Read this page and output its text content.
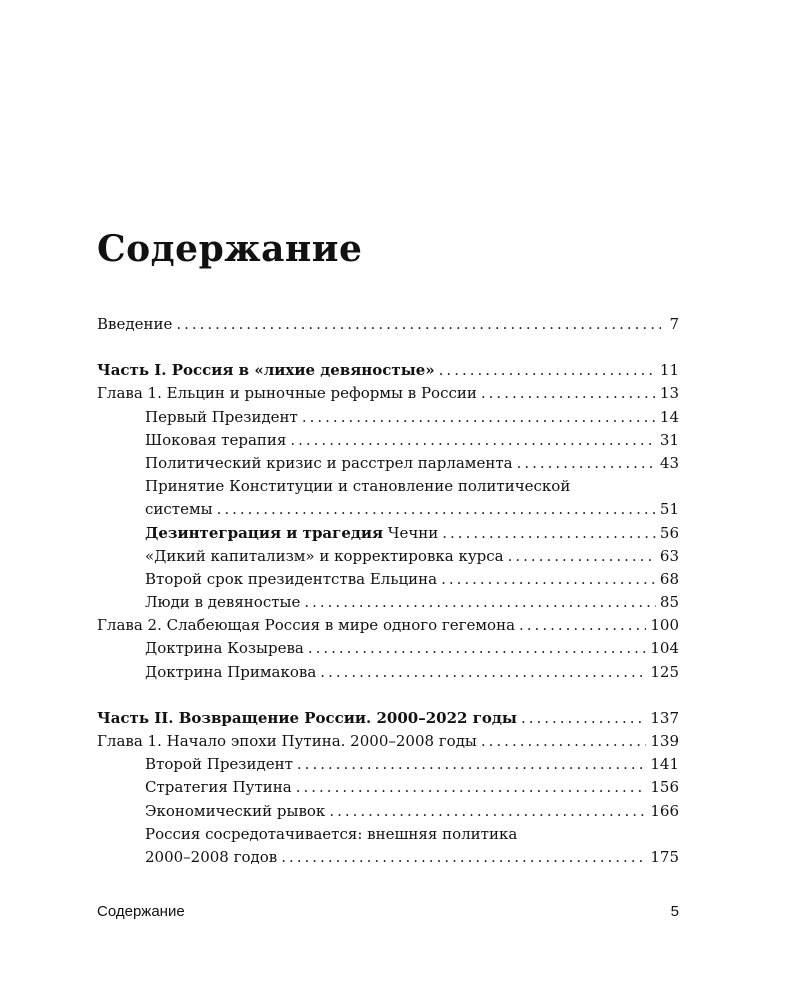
Содержание
Введение .....	7
Часть I. Россия в «лихие девяностые» .....	11
Глава 1. Ельцин и рыночные реформы в России .....	13
Первый Президент .....	14
Шоковая терапия .....	31
Политический кризис и расстрел парламента .....	43
Принятие Конституции и становление политической
системы .....	51
Дезинтеграция и трагедия Чечни .....	56
«Дикий капитализм» и корректировка курса .....	63
Второй срок президентства Ельцина .....	68
Люди в девяностые .....	85
Глава 2. Слабеющая Россия в мире одного гегемона .....	100
Доктрина Козырева .....	104
Доктрина Примакова .....	125
Часть II. Возвращение России. 2000–2022 годы .....	137
Глава 1. Начало эпохи Путина. 2000–2008 годы .....	139
Второй Президент .....	141
Стратегия Путина .....	156
Экономический рывок .....	166
Россия сосредотачивается: внешняя политика
2000–2008 годов .....	175
Содержание	5
